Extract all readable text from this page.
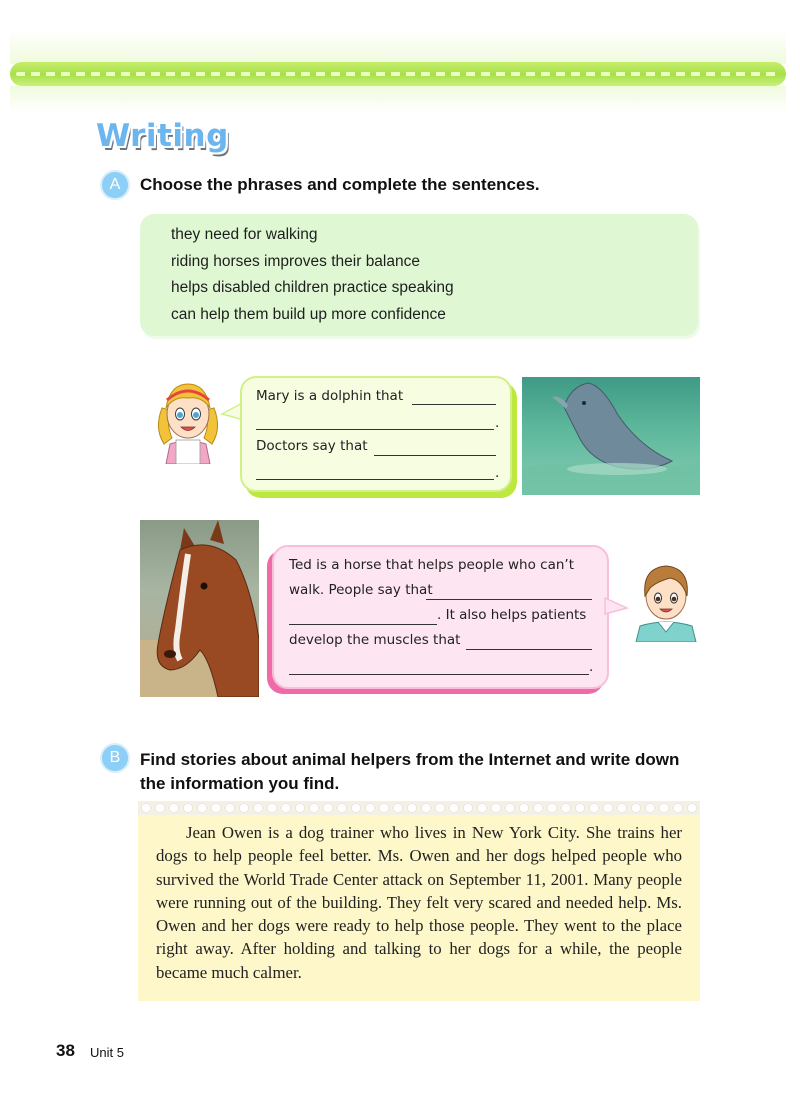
Writing
A	Choose the phrases and complete the sentences.
they need for walking
riding horses improves their balance
helps disabled children practice speaking
can help them build up more confidence
Mary is a dolphin that
.
Doctors say that
.
Ted is a horse that helps people who can’t
walk. People say that
. It also helps patients
develop the muscles that
.
B	Find stories about animal helpers from the Internet and write down
the information you find.
Jean Owen is a dog trainer who lives in New York City. She trains her dogs to help people feel better. Ms. Owen and her dogs helped people who survived the World Trade Center attack on September 11, 2001. Many people were running out of the building. They felt very scared and needed help. Ms. Owen and her dogs were ready to help those people. They went to the place right away. After holding and talking to her dogs for a while, the people became much calmer.
38 Unit 5
